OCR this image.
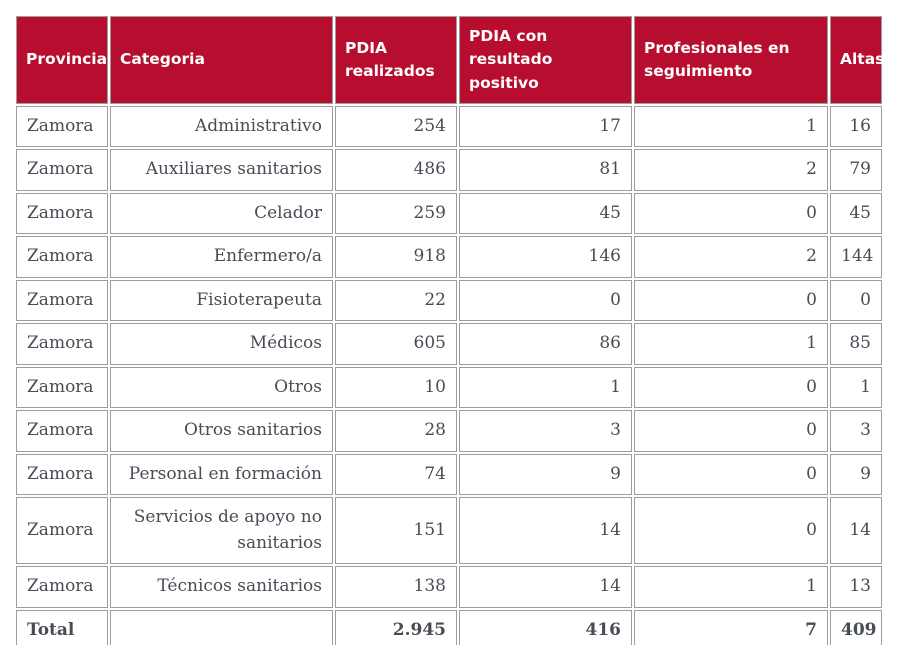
Provincia	Categoria	PDIA realizados	PDIA con resultado positivo	Profesionales en seguimiento	Altas
Zamora	Administrativo	254	17	1	16
Zamora	Auxiliares sanitarios	486	81	2	79
Zamora	Celador	259	45	0	45
Zamora	Enfermero/a	918	146	2	144
Zamora	Fisioterapeuta	22	0	0	0
Zamora	Médicos	605	86	1	85
Zamora	Otros	10	1	0	1
Zamora	Otros sanitarios	28	3	0	3
Zamora	Personal en formación	74	9	0	9
Zamora	Servicios de apoyo no sanitarios	151	14	0	14
Zamora	Técnicos sanitarios	138	14	1	13
Total		2.945	416	7	409
